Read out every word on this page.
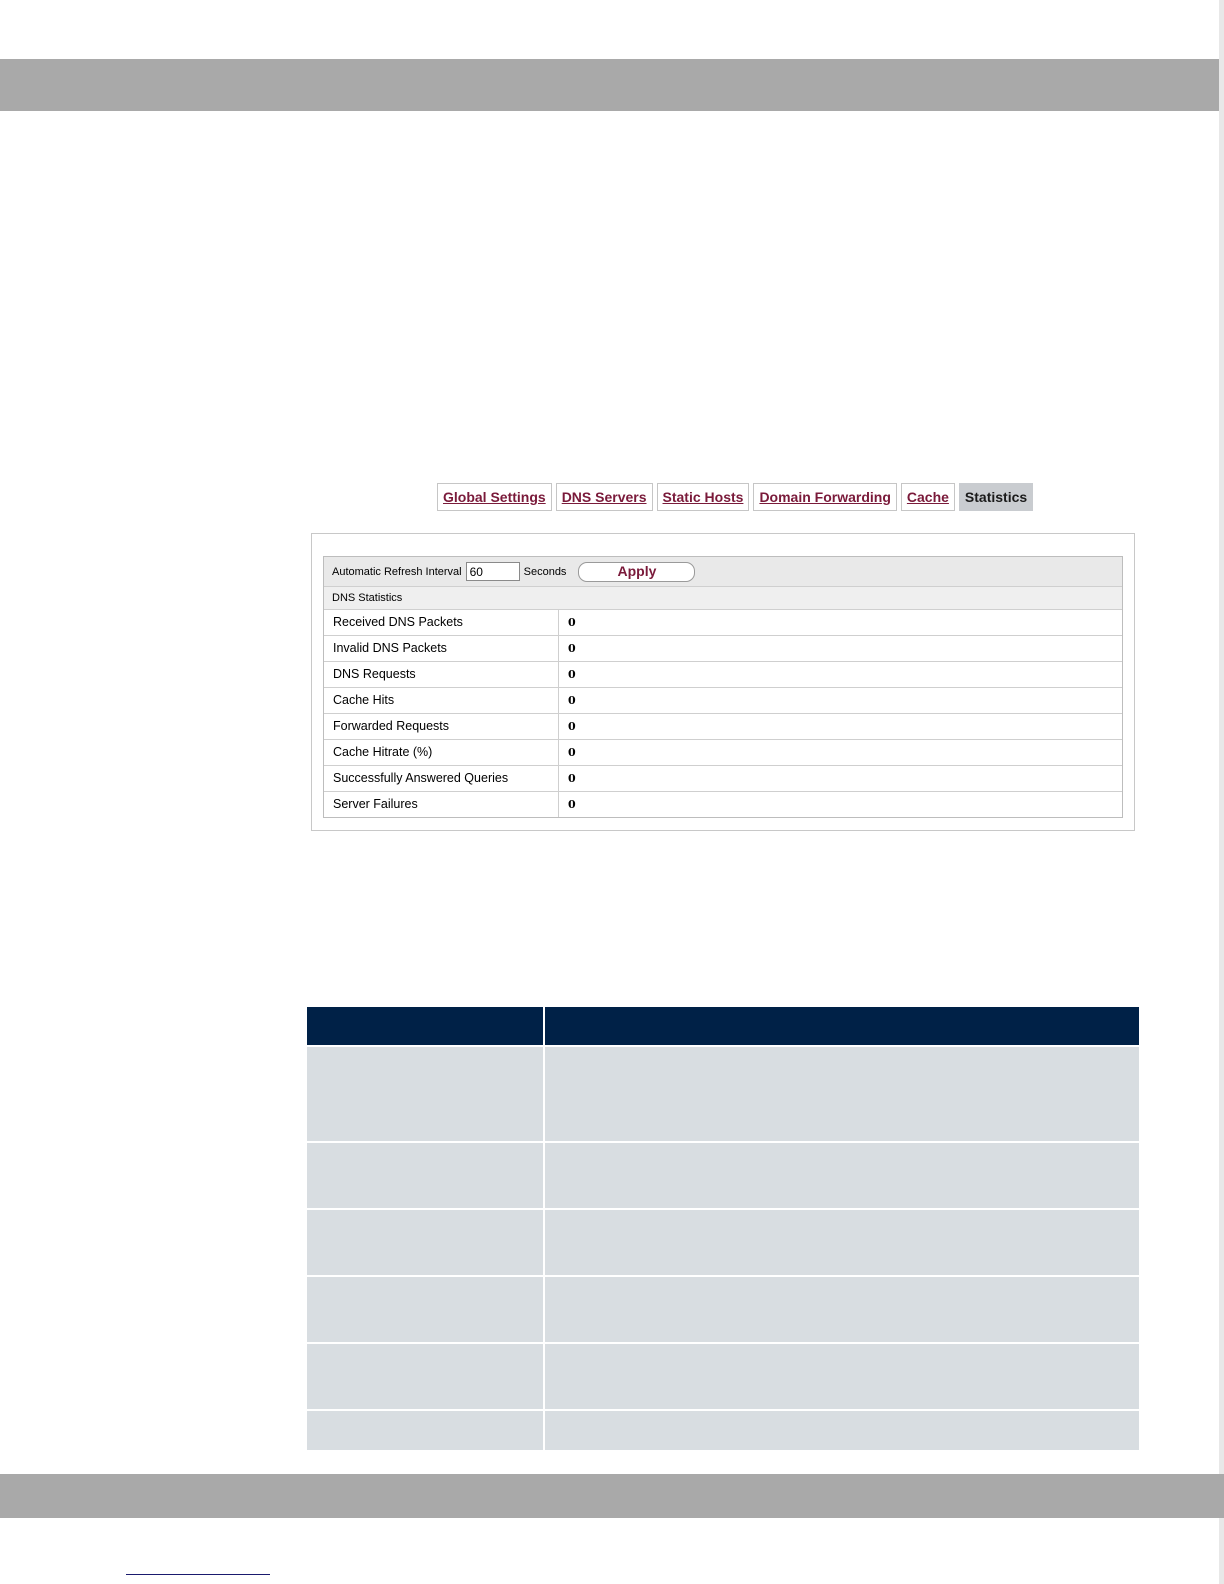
Global Settings	DNS Servers	Static Hosts	Domain Forwarding	Cache	Statistics
Automatic Refresh Interval
60	Seconds	Apply
DNS Statistics
Received DNS Packets	0
Invalid DNS Packets	0
DNS Requests	0
Cache Hits	0
Forwarded Requests	0
Cache Hitrate (%)	0
Successfully Answered Queries	0
Server Failures	0
